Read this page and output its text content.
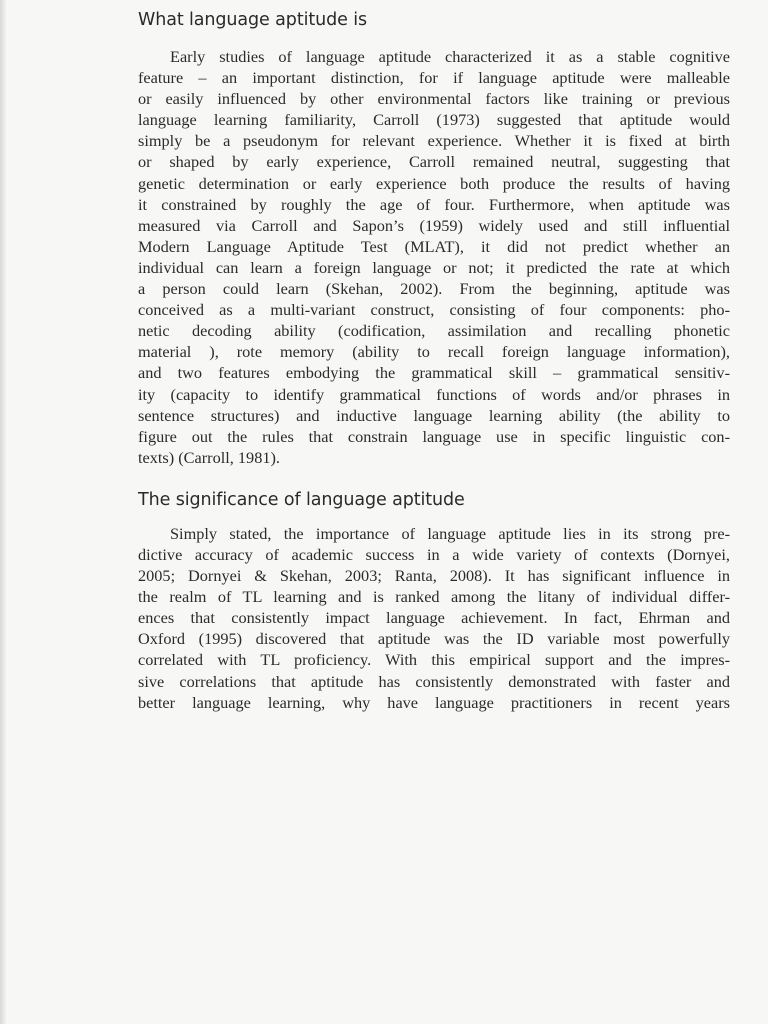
What language aptitude is

Early studies of language aptitude characterized it as a stable cognitive
feature – an important distinction, for if language aptitude were malleable
or easily influenced by other environmental factors like training or previous
language learning familiarity, Carroll (1973) suggested that aptitude would
simply be a pseudonym for relevant experience. Whether it is fixed at birth
or shaped by early experience, Carroll remained neutral, suggesting that
genetic determination or early experience both produce the results of having
it constrained by roughly the age of four. Furthermore, when aptitude was
measured via Carroll and Sapon’s (1959) widely used and still influential
Modern Language Aptitude Test (MLAT), it did not predict whether an
individual can learn a foreign language or not; it predicted the rate at which
a person could learn (Skehan, 2002). From the beginning, aptitude was
conceived as a multi-variant construct, consisting of four components: pho-
netic decoding ability (codification, assimilation and recalling phonetic
material ), rote memory (ability to recall foreign language information),
and two features embodying the grammatical skill – grammatical sensitiv-
ity (capacity to identify grammatical functions of words and/or phrases in
sentence structures) and inductive language learning ability (the ability to
figure out the rules that constrain language use in specific linguistic con-
texts) (Carroll, 1981).

The significance of language aptitude

Simply stated, the importance of language aptitude lies in its strong pre-
dictive accuracy of academic success in a wide variety of contexts (Dornyei,
2005; Dornyei & Skehan, 2003; Ranta, 2008). It has significant influence in
the realm of TL learning and is ranked among the litany of individual differ-
ences that consistently impact language achievement. In fact, Ehrman and
Oxford (1995) discovered that aptitude was the ID variable most powerfully
correlated with TL proficiency. With this empirical support and the impres-
sive correlations that aptitude has consistently demonstrated with faster and
better language learning, why have language practitioners in recent years
